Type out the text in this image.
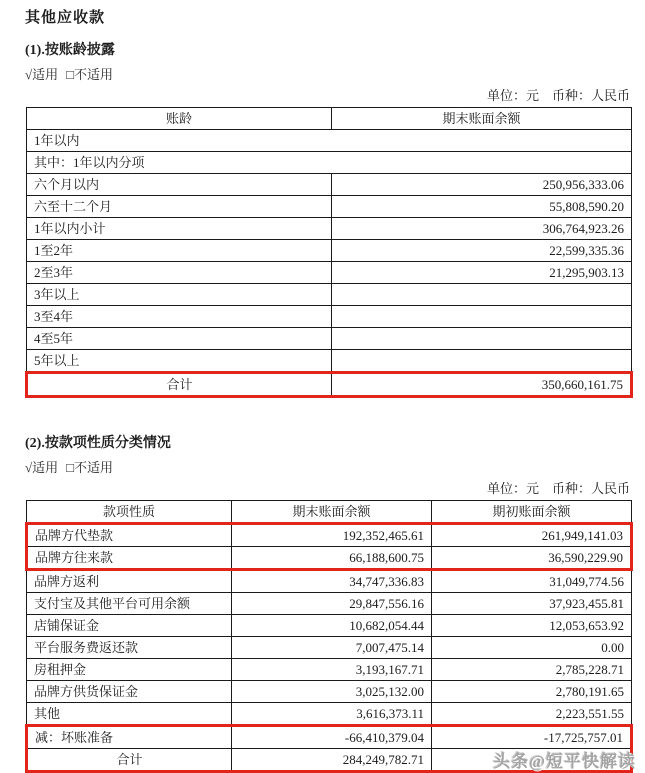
其他应收款
(1).按账龄披露
√适用 □不适用
单位：元　币种：人民币
账龄	期末账面余额
1年以内	
其中：1年以内分项	
六个月以内	250,956,333.06
六至十二个月	55,808,590.20
1年以内小计	306,764,923.26
1至2年	22,599,335.36
2至3年	21,295,903.13
3年以上	
3至4年	
4至5年	
5年以上	
合计	350,660,161.75
(2).按款项性质分类情况
√适用 □不适用
单位：元　币种：人民币
款项性质	期末账面余额	期初账面余额
品牌方代垫款	192,352,465.61	261,949,141.03
品牌方往来款	66,188,600.75	36,590,229.90
品牌方返利	34,747,336.83	31,049,774.56
支付宝及其他平台可用余额	29,847,556.16	37,923,455.81
店铺保证金	10,682,054.44	12,053,653.92
平台服务费返还款	7,007,475.14	0.00
房租押金	3,193,167.71	2,785,228.71
品牌方供货保证金	3,025,132.00	2,780,191.65
其他	3,616,373.11	2,223,551.55
减：坏账准备	-66,410,379.04	-17,725,757.01
合计	284,249,782.71		头条@短平快解读
